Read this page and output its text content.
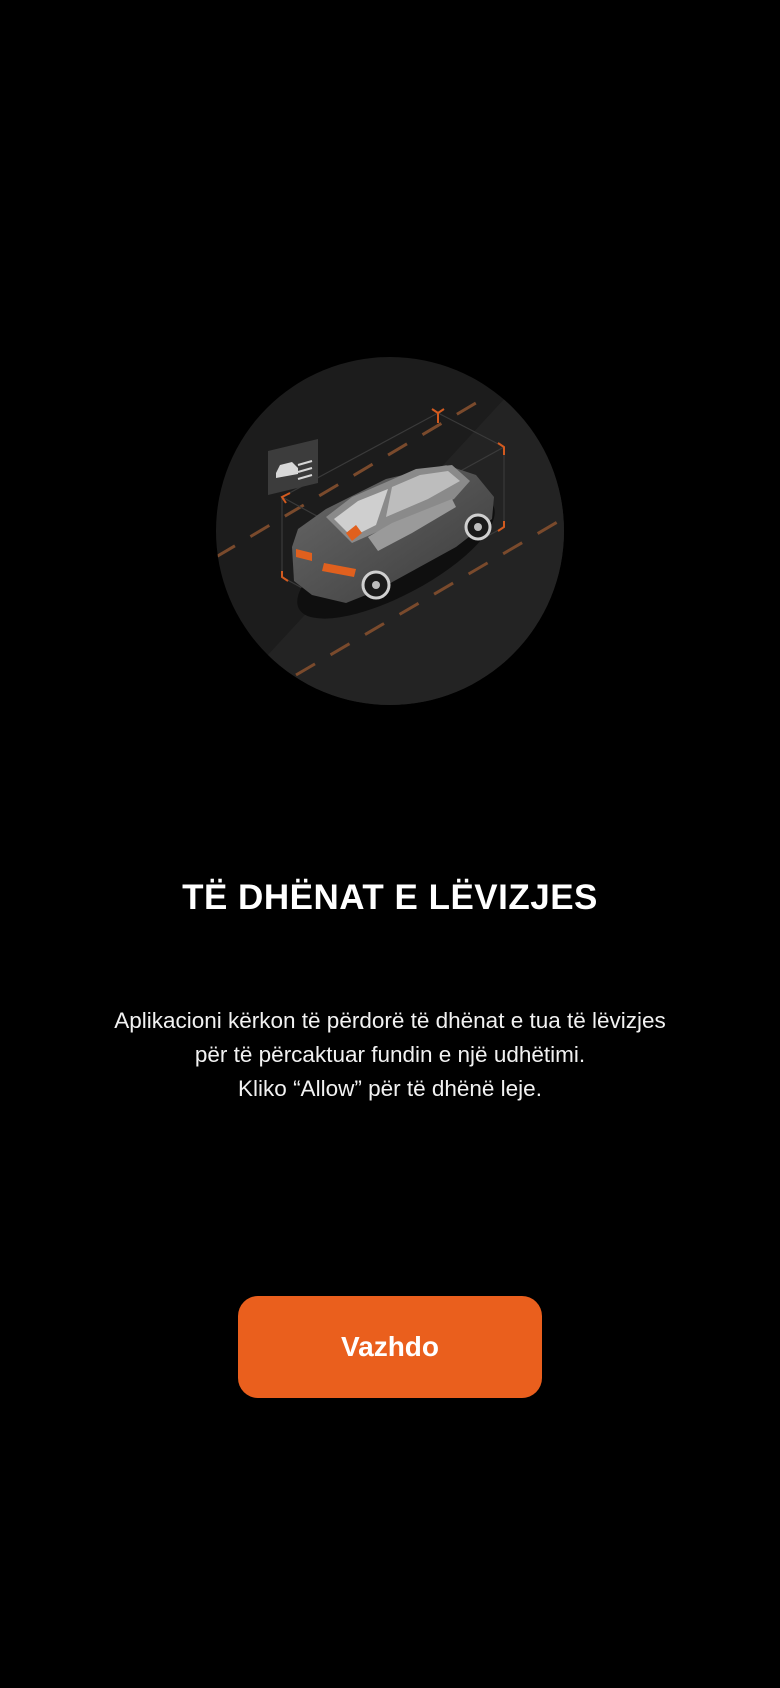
TË DHËNAT E LËVIZJES

Aplikacioni kërkon të përdorë të dhënat e tua të lëvizjes
për të përcaktuar fundin e një udhëtimi.
Kliko “Allow” për të dhënë leje.

Vazhdo
